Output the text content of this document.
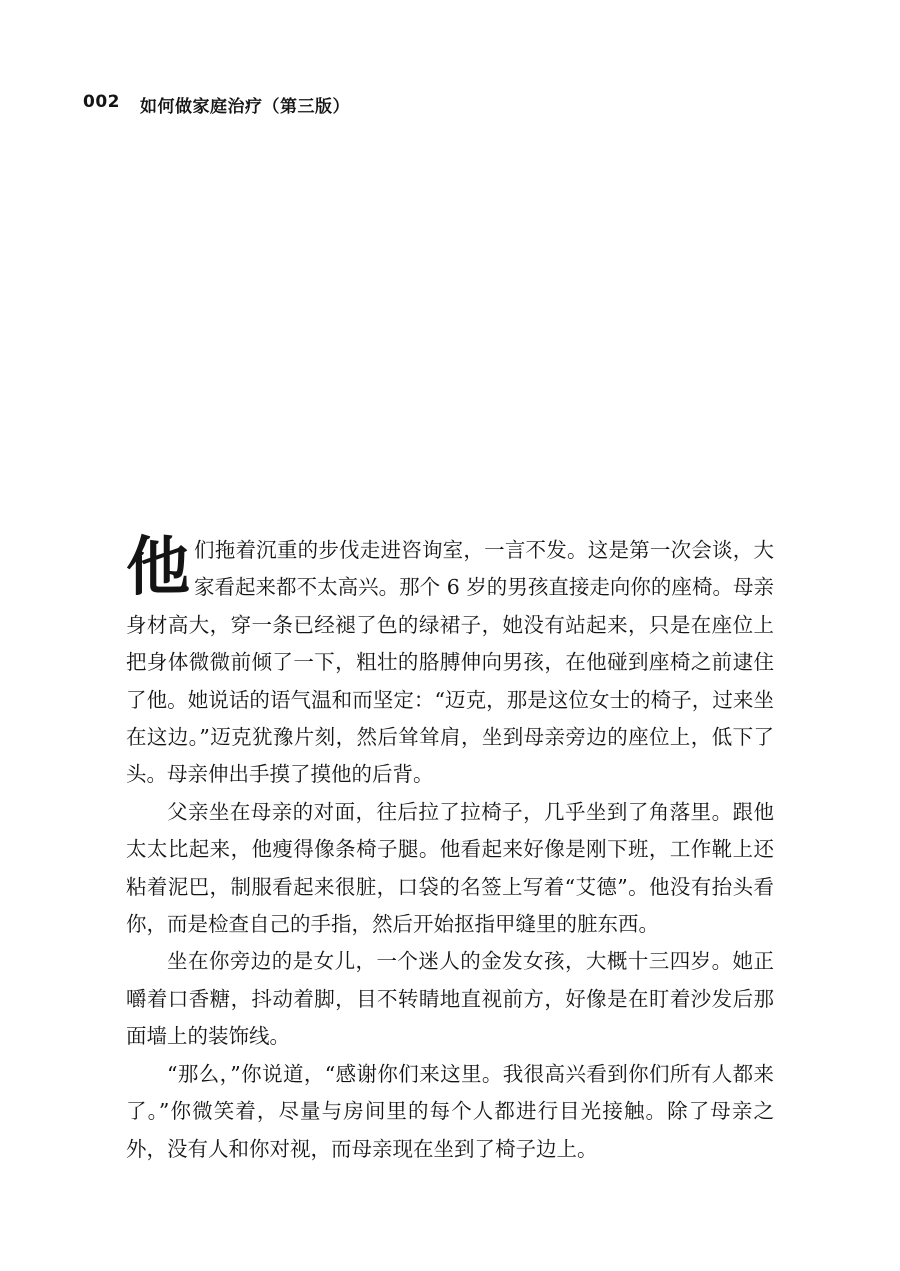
002 如何做家庭治疗（第三版）

他们拖着沉重的步伐走进咨询室，一言不发。这是第一次会谈，大家看起来都不太高兴。那个 6 岁的男孩直接走向你的座椅。母亲身材高大，穿一条已经褪了色的绿裙子，她没有站起来，只是在座位上把身体微微前倾了一下，粗壮的胳膊伸向男孩，在他碰到座椅之前逮住了他。她说话的语气温和而坚定：“迈克，那是这位女士的椅子，过来坐在这边。”迈克犹豫片刻，然后耸耸肩，坐到母亲旁边的座位上，低下了头。母亲伸出手摸了摸他的后背。

父亲坐在母亲的对面，往后拉了拉椅子，几乎坐到了角落里。跟他太太比起来，他瘦得像条椅子腿。他看起来好像是刚下班，工作靴上还粘着泥巴，制服看起来很脏，口袋的名签上写着“艾德”。他没有抬头看你，而是检查自己的手指，然后开始抠指甲缝里的脏东西。

坐在你旁边的是女儿，一个迷人的金发女孩，大概十三四岁。她正嚼着口香糖，抖动着脚，目不转睛地直视前方，好像是在盯着沙发后那面墙上的装饰线。

“那么，”你说道，“感谢你们来这里。我很高兴看到你们所有人都来了。”你微笑着，尽量与房间里的每个人都进行目光接触。除了母亲之外，没有人和你对视，而母亲现在坐到了椅子边上。
